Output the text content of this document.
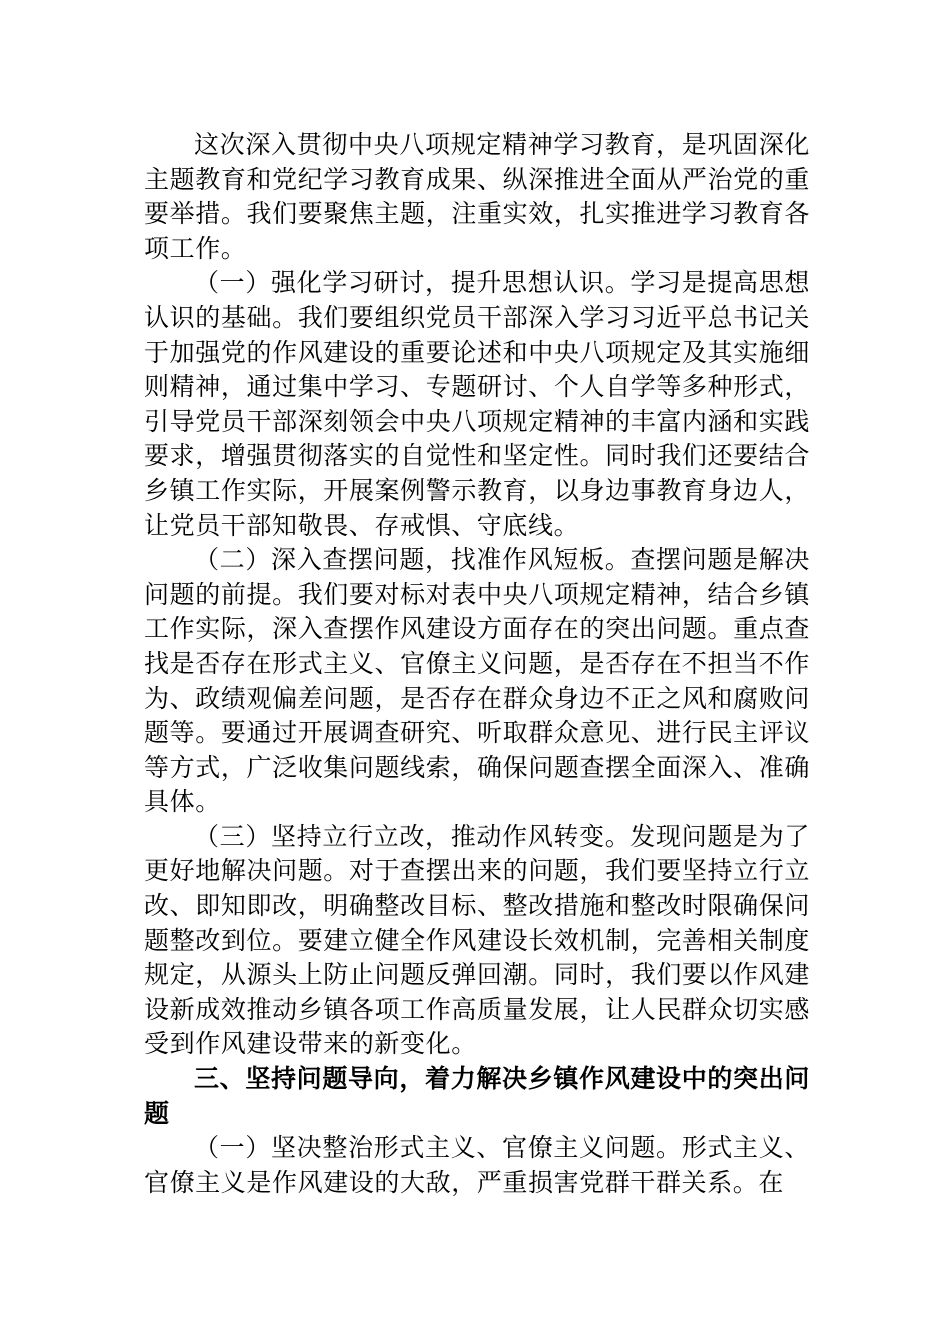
这次深入贯彻中央八项规定精神学习教育，是巩固深化主题教育和党纪学习教育成果、纵深推进全面从严治党的重要举措。我们要聚焦主题，注重实效，扎实推进学习教育各项工作。

（一）强化学习研讨，提升思想认识。学习是提高思想认识的基础。我们要组织党员干部深入学习习近平总书记关于加强党的作风建设的重要论述和中央八项规定及其实施细则精神，通过集中学习、专题研讨、个人自学等多种形式，引导党员干部深刻领会中央八项规定精神的丰富内涵和实践要求，增强贯彻落实的自觉性和坚定性。同时我们还要结合乡镇工作实际，开展案例警示教育，以身边事教育身边人，让党员干部知敬畏、存戒惧、守底线。

（二）深入查摆问题，找准作风短板。查摆问题是解决问题的前提。我们要对标对表中央八项规定精神，结合乡镇工作实际，深入查摆作风建设方面存在的突出问题。重点查找是否存在形式主义、官僚主义问题，是否存在不担当不作为、政绩观偏差问题，是否存在群众身边不正之风和腐败问题等。要通过开展调查研究、听取群众意见、进行民主评议等方式，广泛收集问题线索，确保问题查摆全面深入、准确具体。

（三）坚持立行立改，推动作风转变。发现问题是为了更好地解决问题。对于查摆出来的问题，我们要坚持立行立改、即知即改，明确整改目标、整改措施和整改时限确保问题整改到位。要建立健全作风建设长效机制，完善相关制度规定，从源头上防止问题反弹回潮。同时，我们要以作风建设新成效推动乡镇各项工作高质量发展，让人民群众切实感受到作风建设带来的新变化。

三、坚持问题导向，着力解决乡镇作风建设中的突出问题

（一）坚决整治形式主义、官僚主义问题。形式主义、官僚主义是作风建设的大敌，严重损害党群干群关系。在
